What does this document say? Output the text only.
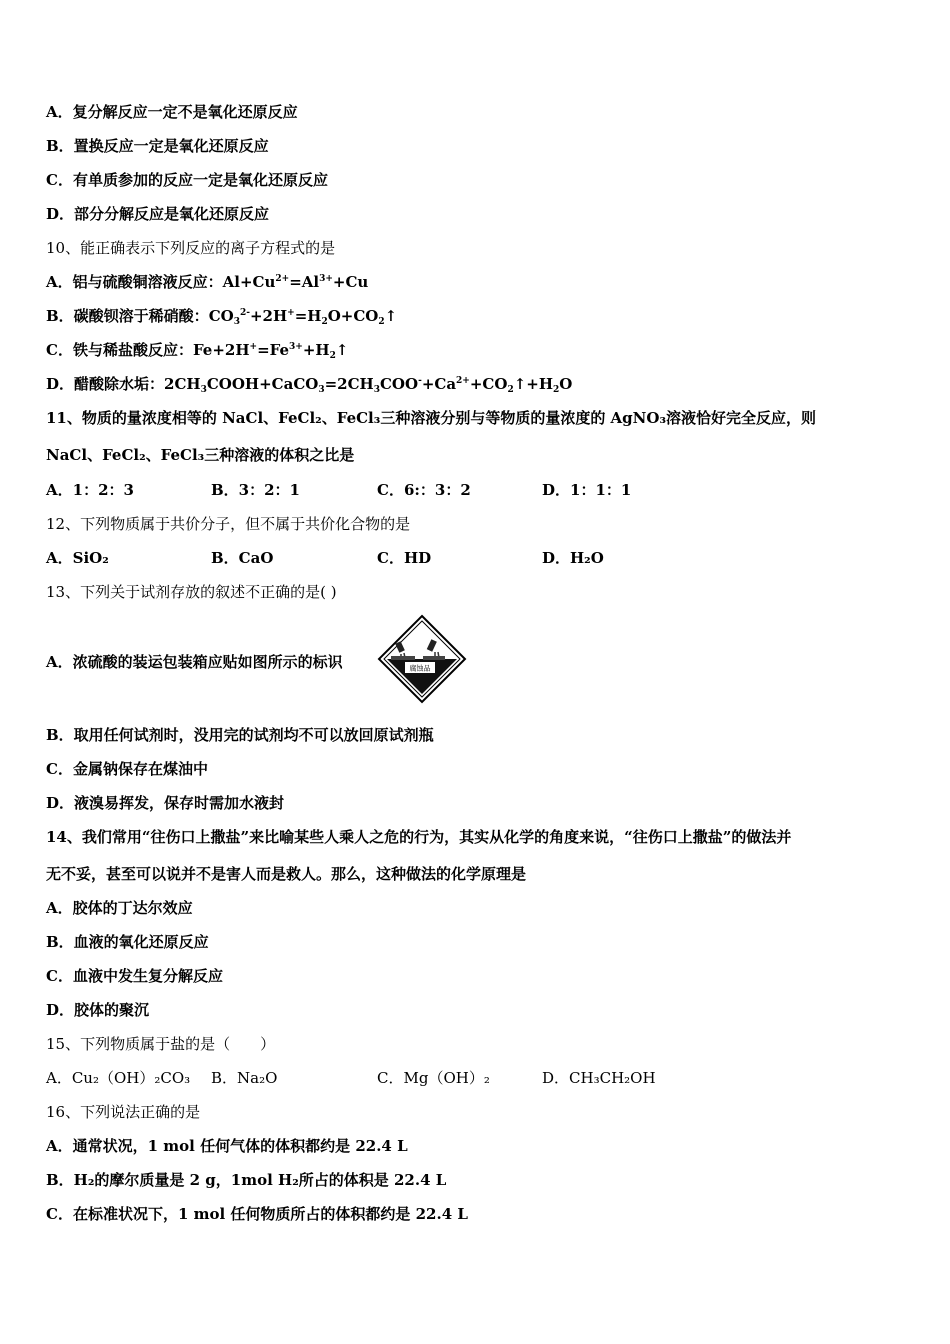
A．复分解反应一定不是氧化还原反应
B．置换反应一定是氧化还原反应
C．有单质参加的反应一定是氧化还原反应
D．部分分解反应是氧化还原反应
10、能正确表示下列反应的离子方程式的是
A．铝与硫酸铜溶液反应：$Al+Cu^{2+}=Al^{3+}+Cu$
B．碳酸钡溶于稀硝酸：$CO_3^{2-}+2H^+=H_2O+CO_2↑$
C．铁与稀盐酸反应：$Fe+2H^+=Fe^{3+}+H_2↑$
D．醋酸除水垢：$2CH_3COOH+CaCO_3=2CH_3COO^-+Ca^{2+}+CO_2↑+H_2O$
11、物质的量浓度相等的 NaCl、FeCl₂、FeCl₃三种溶液分别与等物质的量浓度的 AgNO₃溶液恰好完全反应，则
NaCl、FeCl₂、FeCl₃三种溶液的体积之比是
A．1：2：3	B．3：2：1	C．6:：3：2	D．1：1：1
12、下列物质属于共价分子，但不属于共价化合物的是
A．SiO₂	B．CaO	C．HD	D．H₂O
13、下列关于试剂存放的叙述不正确的是( )
A．浓硫酸的装运包装箱应贴如图所示的标识	腐蚀品
B．取用任何试剂时，没用完的试剂均不可以放回原试剂瓶
C．金属钠保存在煤油中
D．液溴易挥发，保存时需加水液封
14、我们常用“往伤口上撒盐”来比喻某些人乘人之危的行为，其实从化学的角度来说，“往伤口上撒盐”的做法并
无不妥，甚至可以说并不是害人而是救人。那么，这种做法的化学原理是
A．胶体的丁达尔效应
B．血液的氧化还原反应
C．血液中发生复分解反应
D．胶体的聚沉
15、下列物质属于盐的是（　　）
A．Cu₂（OH）₂CO₃ B．Na₂O	C．Mg（OH）₂	D．CH₃CH₂OH
16、下列说法正确的是
A．通常状况，1 mol 任何气体的体积都约是 22.4 L
B．H₂的摩尔质量是 2 g，1mol H₂所占的体积是 22.4 L
C．在标准状况下，1 mol 任何物质所占的体积都约是 22.4 L
